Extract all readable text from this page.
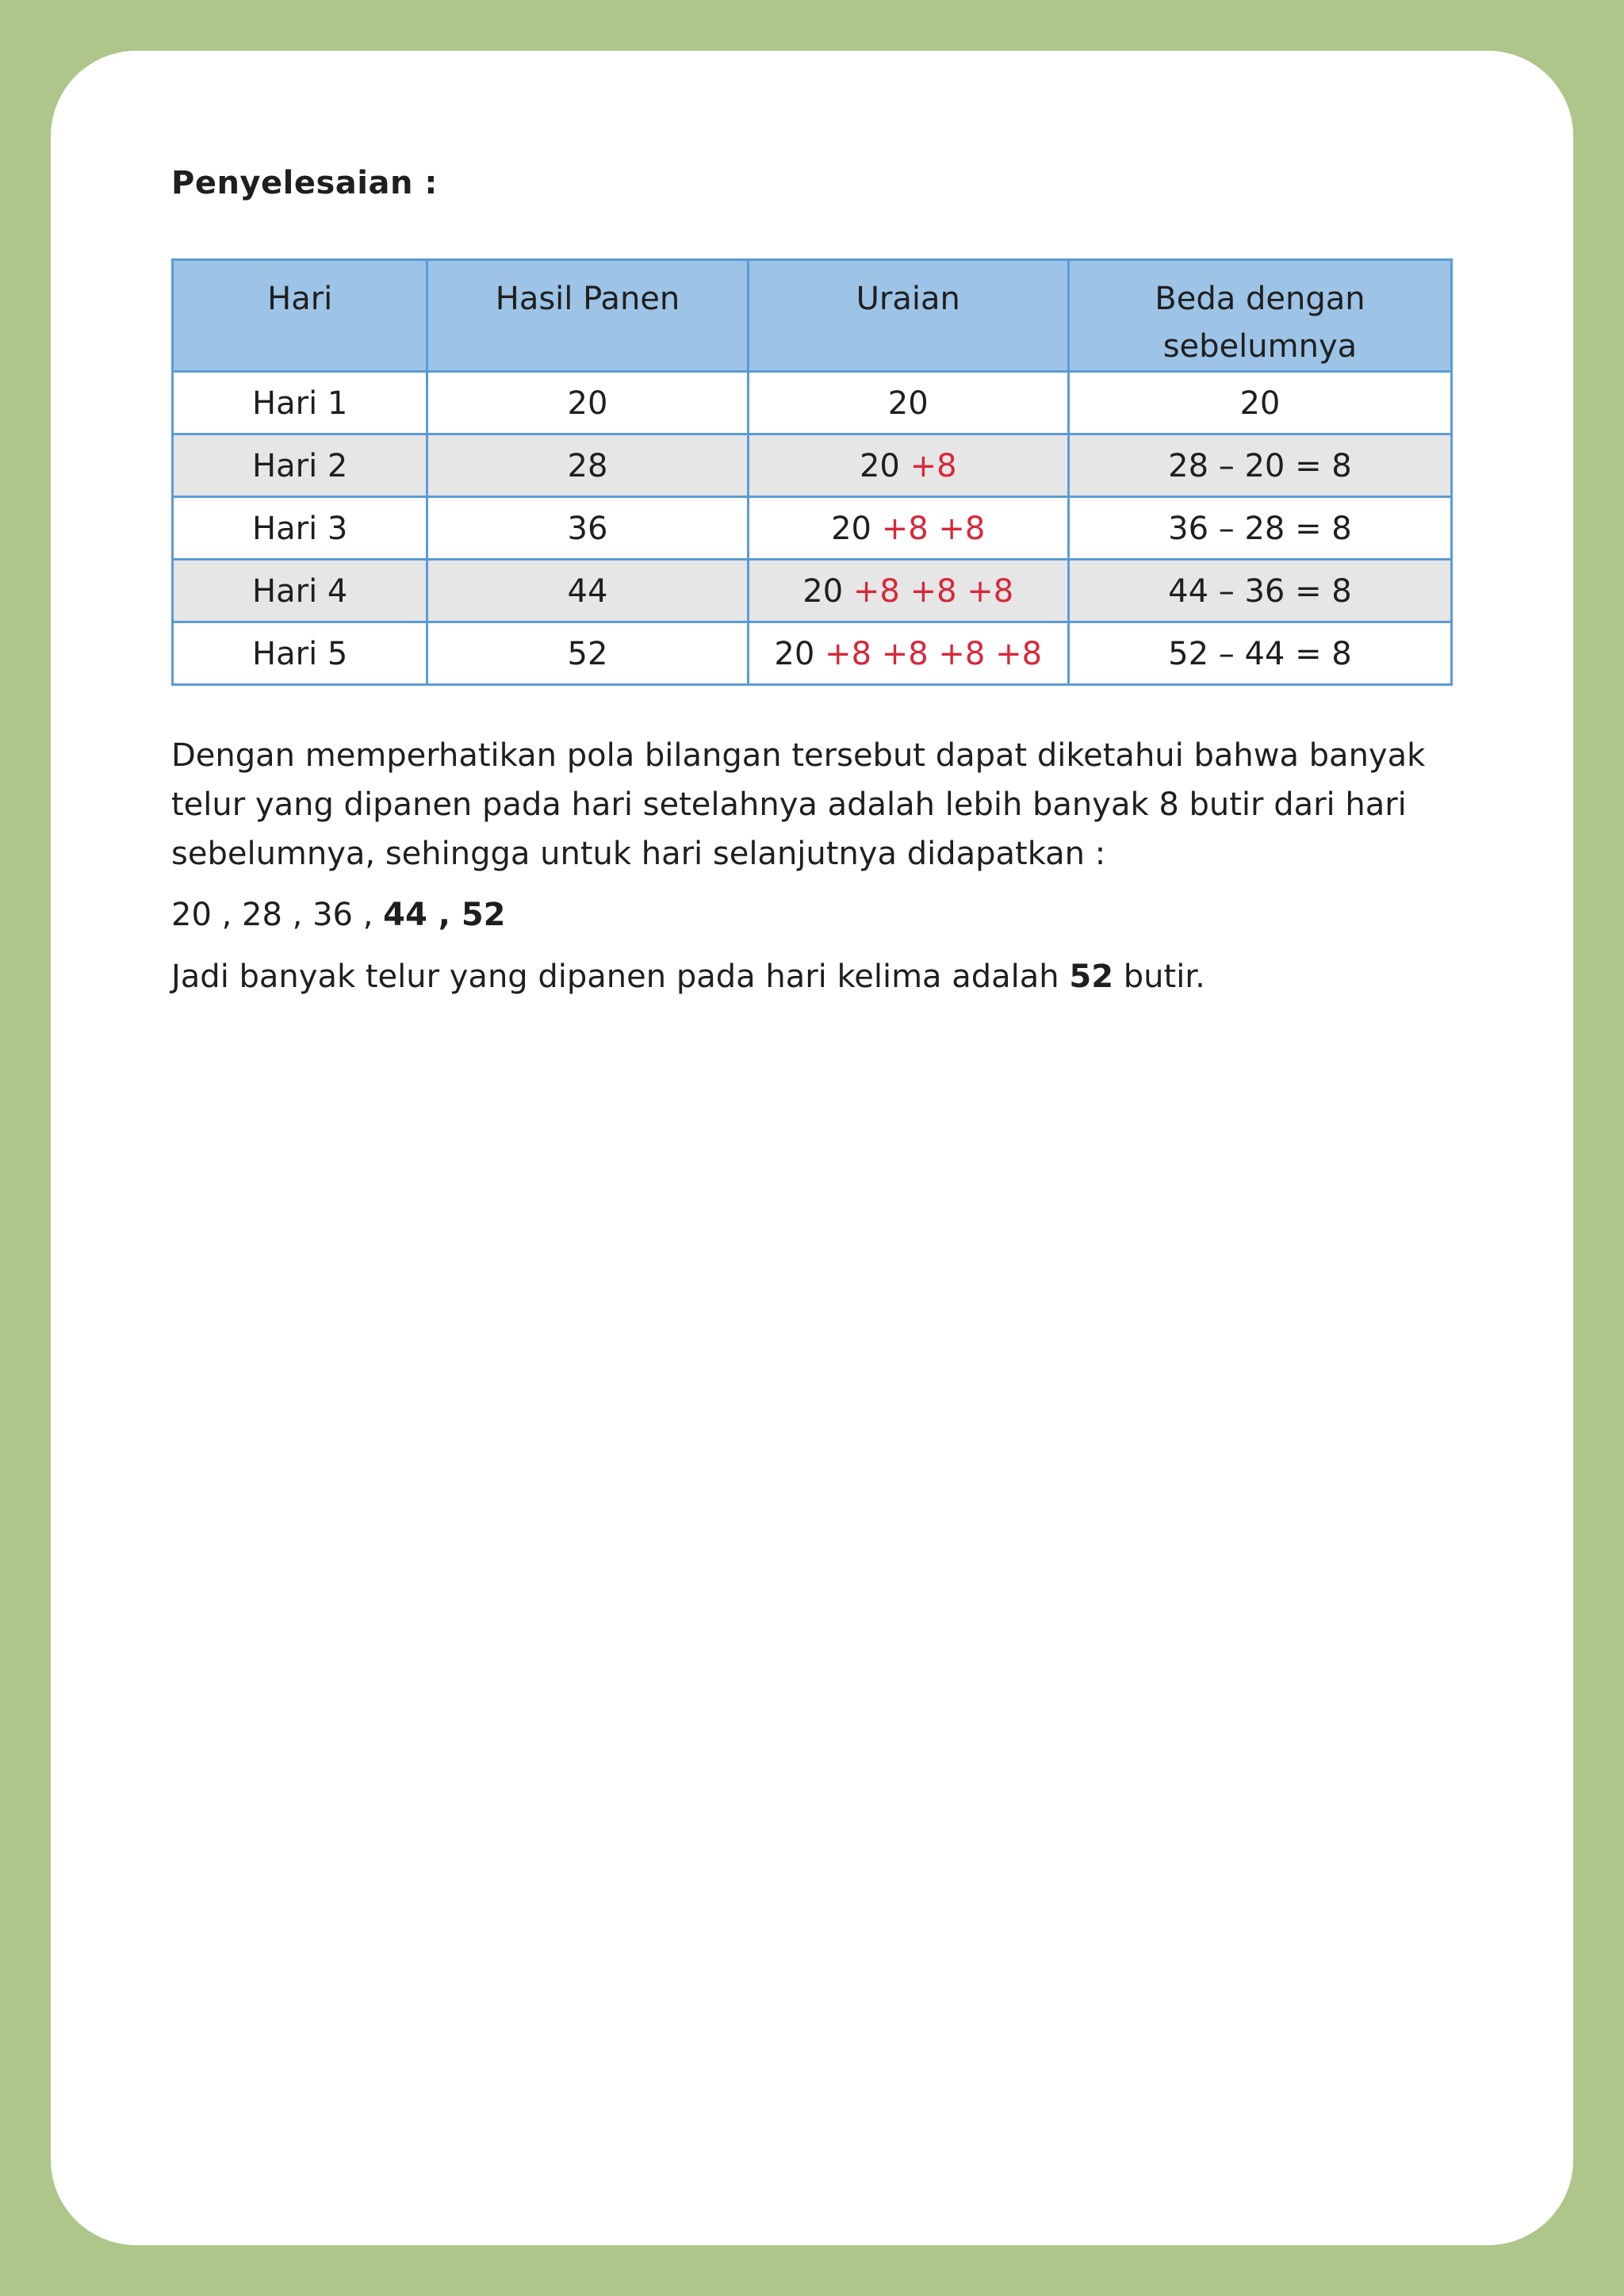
Penyelesaian :
Hari	Hasil Panen	Uraian	Beda dengan
sebelumnya
Hari 1	20	20	20
Hari 2	28	20 +8	28 – 20 = 8
Hari 3	36	20 +8 +8	36 – 28 = 8
Hari 4	44	20 +8 +8 +8	44 – 36 = 8
Hari 5	52	20 +8 +8 +8 +8	52 – 44 = 8

Dengan memperhatikan pola bilangan tersebut dapat diketahui bahwa banyak telur yang dipanen pada hari setelahnya adalah lebih banyak 8 butir dari hari sebelumnya, sehingga untuk hari selanjutnya didapatkan :

20 , 28 , 36 , 44 , 52
Jadi banyak telur yang dipanen pada hari kelima adalah 52 butir.
